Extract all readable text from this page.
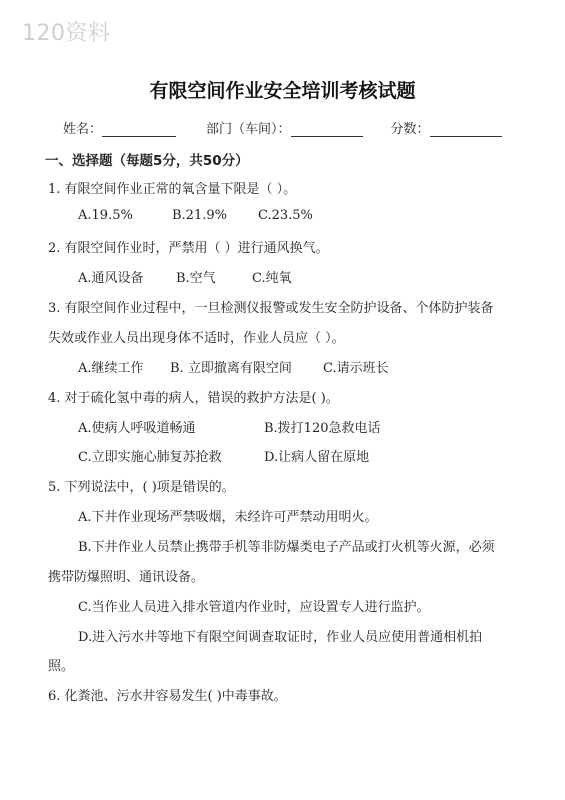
120资料
有限空间作业安全培训考核试题
姓名：	部门（车间）：	分数：
一、选择题（每题5分，共50分）
1. 有限空间作业正常的氧含量下限是（ ）。
A.19.5%	B.21.9%	C.23.5%
2. 有限空间作业时，严禁用（ ）进行通风换气。
A.通风设备	B.空气	C.纯氧
3. 有限空间作业过程中，一旦检测仪报警或发生安全防护设备、个体防护装备
失效或作业人员出现身体不适时，作业人员应（ ）。
A.继续工作	B. 立即撤离有限空间	C.请示班长
4. 对于硫化氢中毒的病人，错误的救护方法是( )。
A.使病人呼吸道畅通	B.拨打120急救电话
C.立即实施心肺复苏抢救	D.让病人留在原地
5. 下列说法中，( )项是错误的。
A.下井作业现场严禁吸烟，未经许可严禁动用明火。
B.下井作业人员禁止携带手机等非防爆类电子产品或打火机等火源，必须
携带防爆照明、通讯设备。
C.当作业人员进入排水管道内作业时，应设置专人进行监护。
D.进入污水井等地下有限空间调查取证时，作业人员应使用普通相机拍
照。
6. 化粪池、污水井容易发生( )中毒事故。
